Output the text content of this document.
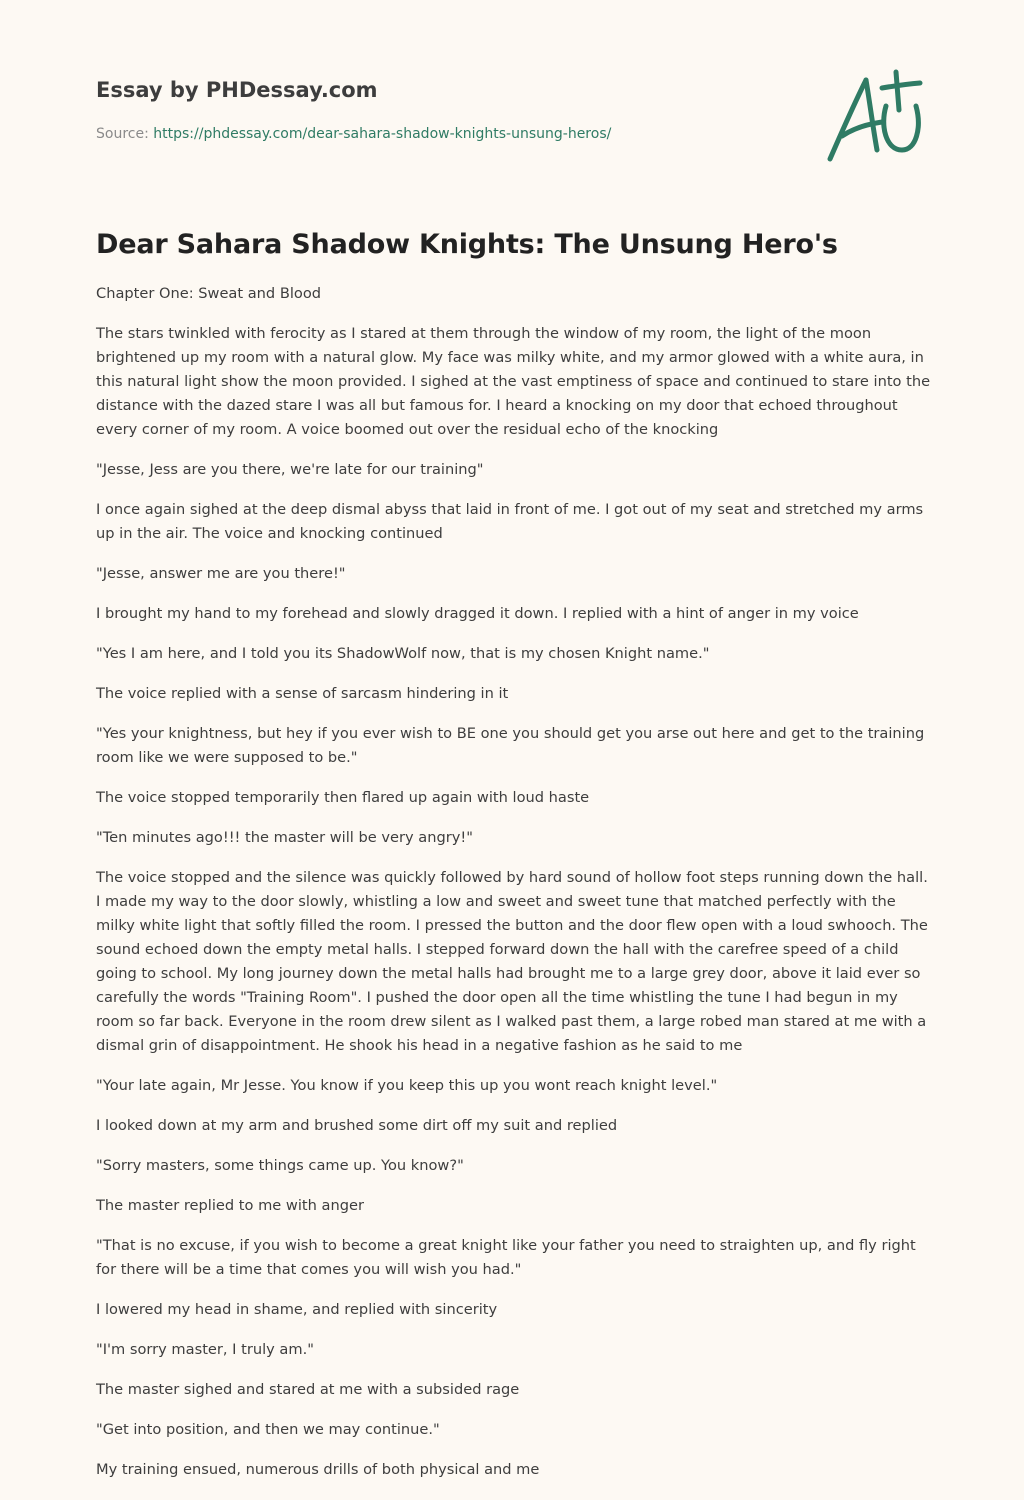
Essay by PHDessay.com
Source: https://phdessay.com/dear-sahara-shadow-knights-unsung-heros/
Dear Sahara Shadow Knights: The Unsung Hero's

Chapter One: Sweat and Blood

The stars twinkled with ferocity as I stared at them through the window of my room, the light of the moon brightened up my room with a natural glow. My face was milky white, and my armor glowed with a white aura, in this natural light show the moon provided. I sighed at the vast emptiness of space and continued to stare into the distance with the dazed stare I was all but famous for. I heard a knocking on my door that echoed throughout every corner of my room. A voice boomed out over the residual echo of the knocking

"Jesse, Jess are you there, we're late for our training"

I once again sighed at the deep dismal abyss that laid in front of me. I got out of my seat and stretched my arms up in the air. The voice and knocking continued

"Jesse, answer me are you there!"

I brought my hand to my forehead and slowly dragged it down. I replied with a hint of anger in my voice

"Yes I am here, and I told you its ShadowWolf now, that is my chosen Knight name."

The voice replied with a sense of sarcasm hindering in it

"Yes your knightness, but hey if you ever wish to BE one you should get you arse out here and get to the training room like we were supposed to be."

The voice stopped temporarily then flared up again with loud haste

"Ten minutes ago!!! the master will be very angry!"

The voice stopped and the silence was quickly followed by hard sound of hollow foot steps running down the hall. I made my way to the door slowly, whistling a low and sweet and sweet tune that matched perfectly with the milky white light that softly filled the room. I pressed the button and the door flew open with a loud swhooch. The sound echoed down the empty metal halls. I stepped forward down the hall with the carefree speed of a child going to school. My long journey down the metal halls had brought me to a large grey door, above it laid ever so carefully the words "Training Room". I pushed the door open all the time whistling the tune I had begun in my room so far back. Everyone in the room drew silent as I walked past them, a large robed man stared at me with a dismal grin of disappointment. He shook his head in a negative fashion as he said to me

"Your late again, Mr Jesse. You know if you keep this up you wont reach knight level."

I looked down at my arm and brushed some dirt off my suit and replied

"Sorry masters, some things came up. You know?"

The master replied to me with anger

"That is no excuse, if you wish to become a great knight like your father you need to straighten up, and fly right for there will be a time that comes you will wish you had."

I lowered my head in shame, and replied with sincerity

"I'm sorry master, I truly am."

The master sighed and stared at me with a subsided rage

"Get into position, and then we may continue."

My training ensued, numerous drills of both physical and me
